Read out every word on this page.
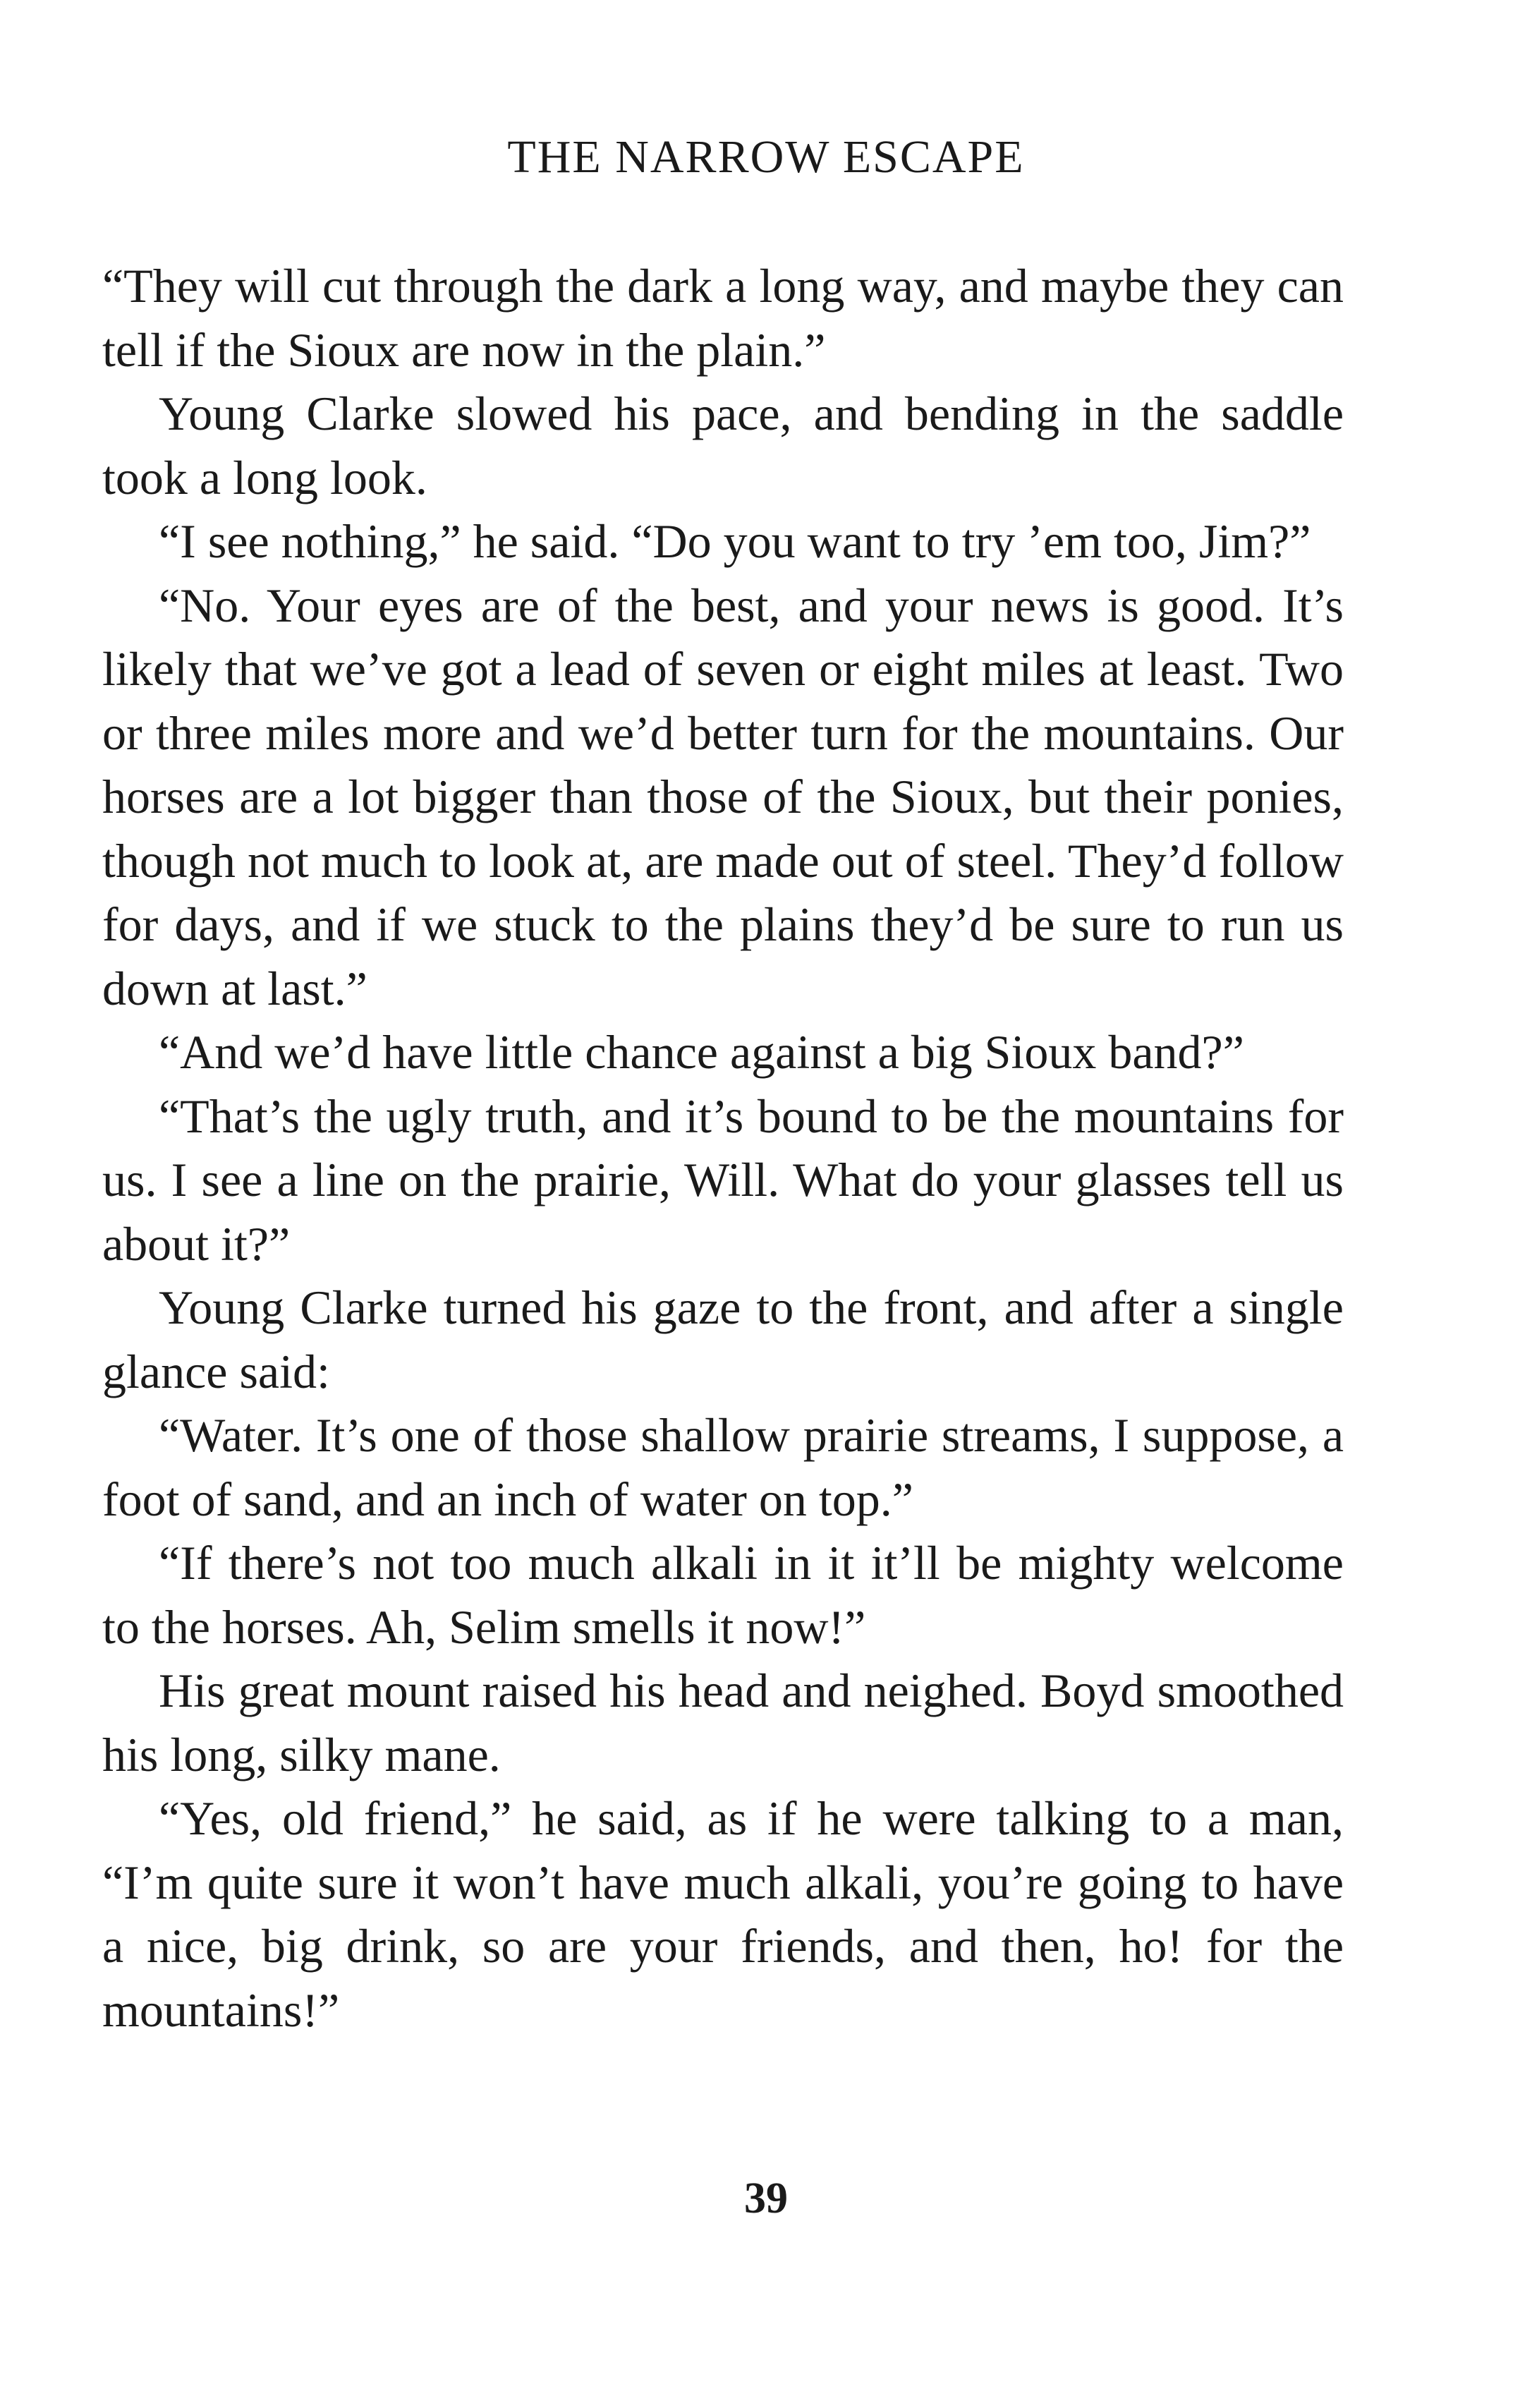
THE NARROW ESCAPE

“They will cut through the dark a long way, and maybe they can tell if the Sioux are now in the plain.”

Young Clarke slowed his pace, and bending in the saddle took a long look.

“I see nothing,” he said. “Do you want to try ’em too, Jim?”

“No. Your eyes are of the best, and your news is good. It’s likely that we’ve got a lead of seven or eight miles at least. Two or three miles more and we’d better turn for the mountains. Our horses are a lot bigger than those of the Sioux, but their ponies, though not much to look at, are made out of steel. They’d follow for days, and if we stuck to the plains they’d be sure to run us down at last.”

“And we’d have little chance against a big Sioux band?”

“That’s the ugly truth, and it’s bound to be the mountains for us. I see a line on the prairie, Will. What do your glasses tell us about it?”

Young Clarke turned his gaze to the front, and after a single glance said:

“Water. It’s one of those shallow prairie streams, I suppose, a foot of sand, and an inch of water on top.”

“If there’s not too much alkali in it it’ll be mighty welcome to the horses. Ah, Selim smells it now!”

His great mount raised his head and neighed. Boyd smoothed his long, silky mane.

“Yes, old friend,” he said, as if he were talking to a man, “I’m quite sure it won’t have much alkali, you’re going to have a nice, big drink, so are your friends, and then, ho! for the mountains!”

39
